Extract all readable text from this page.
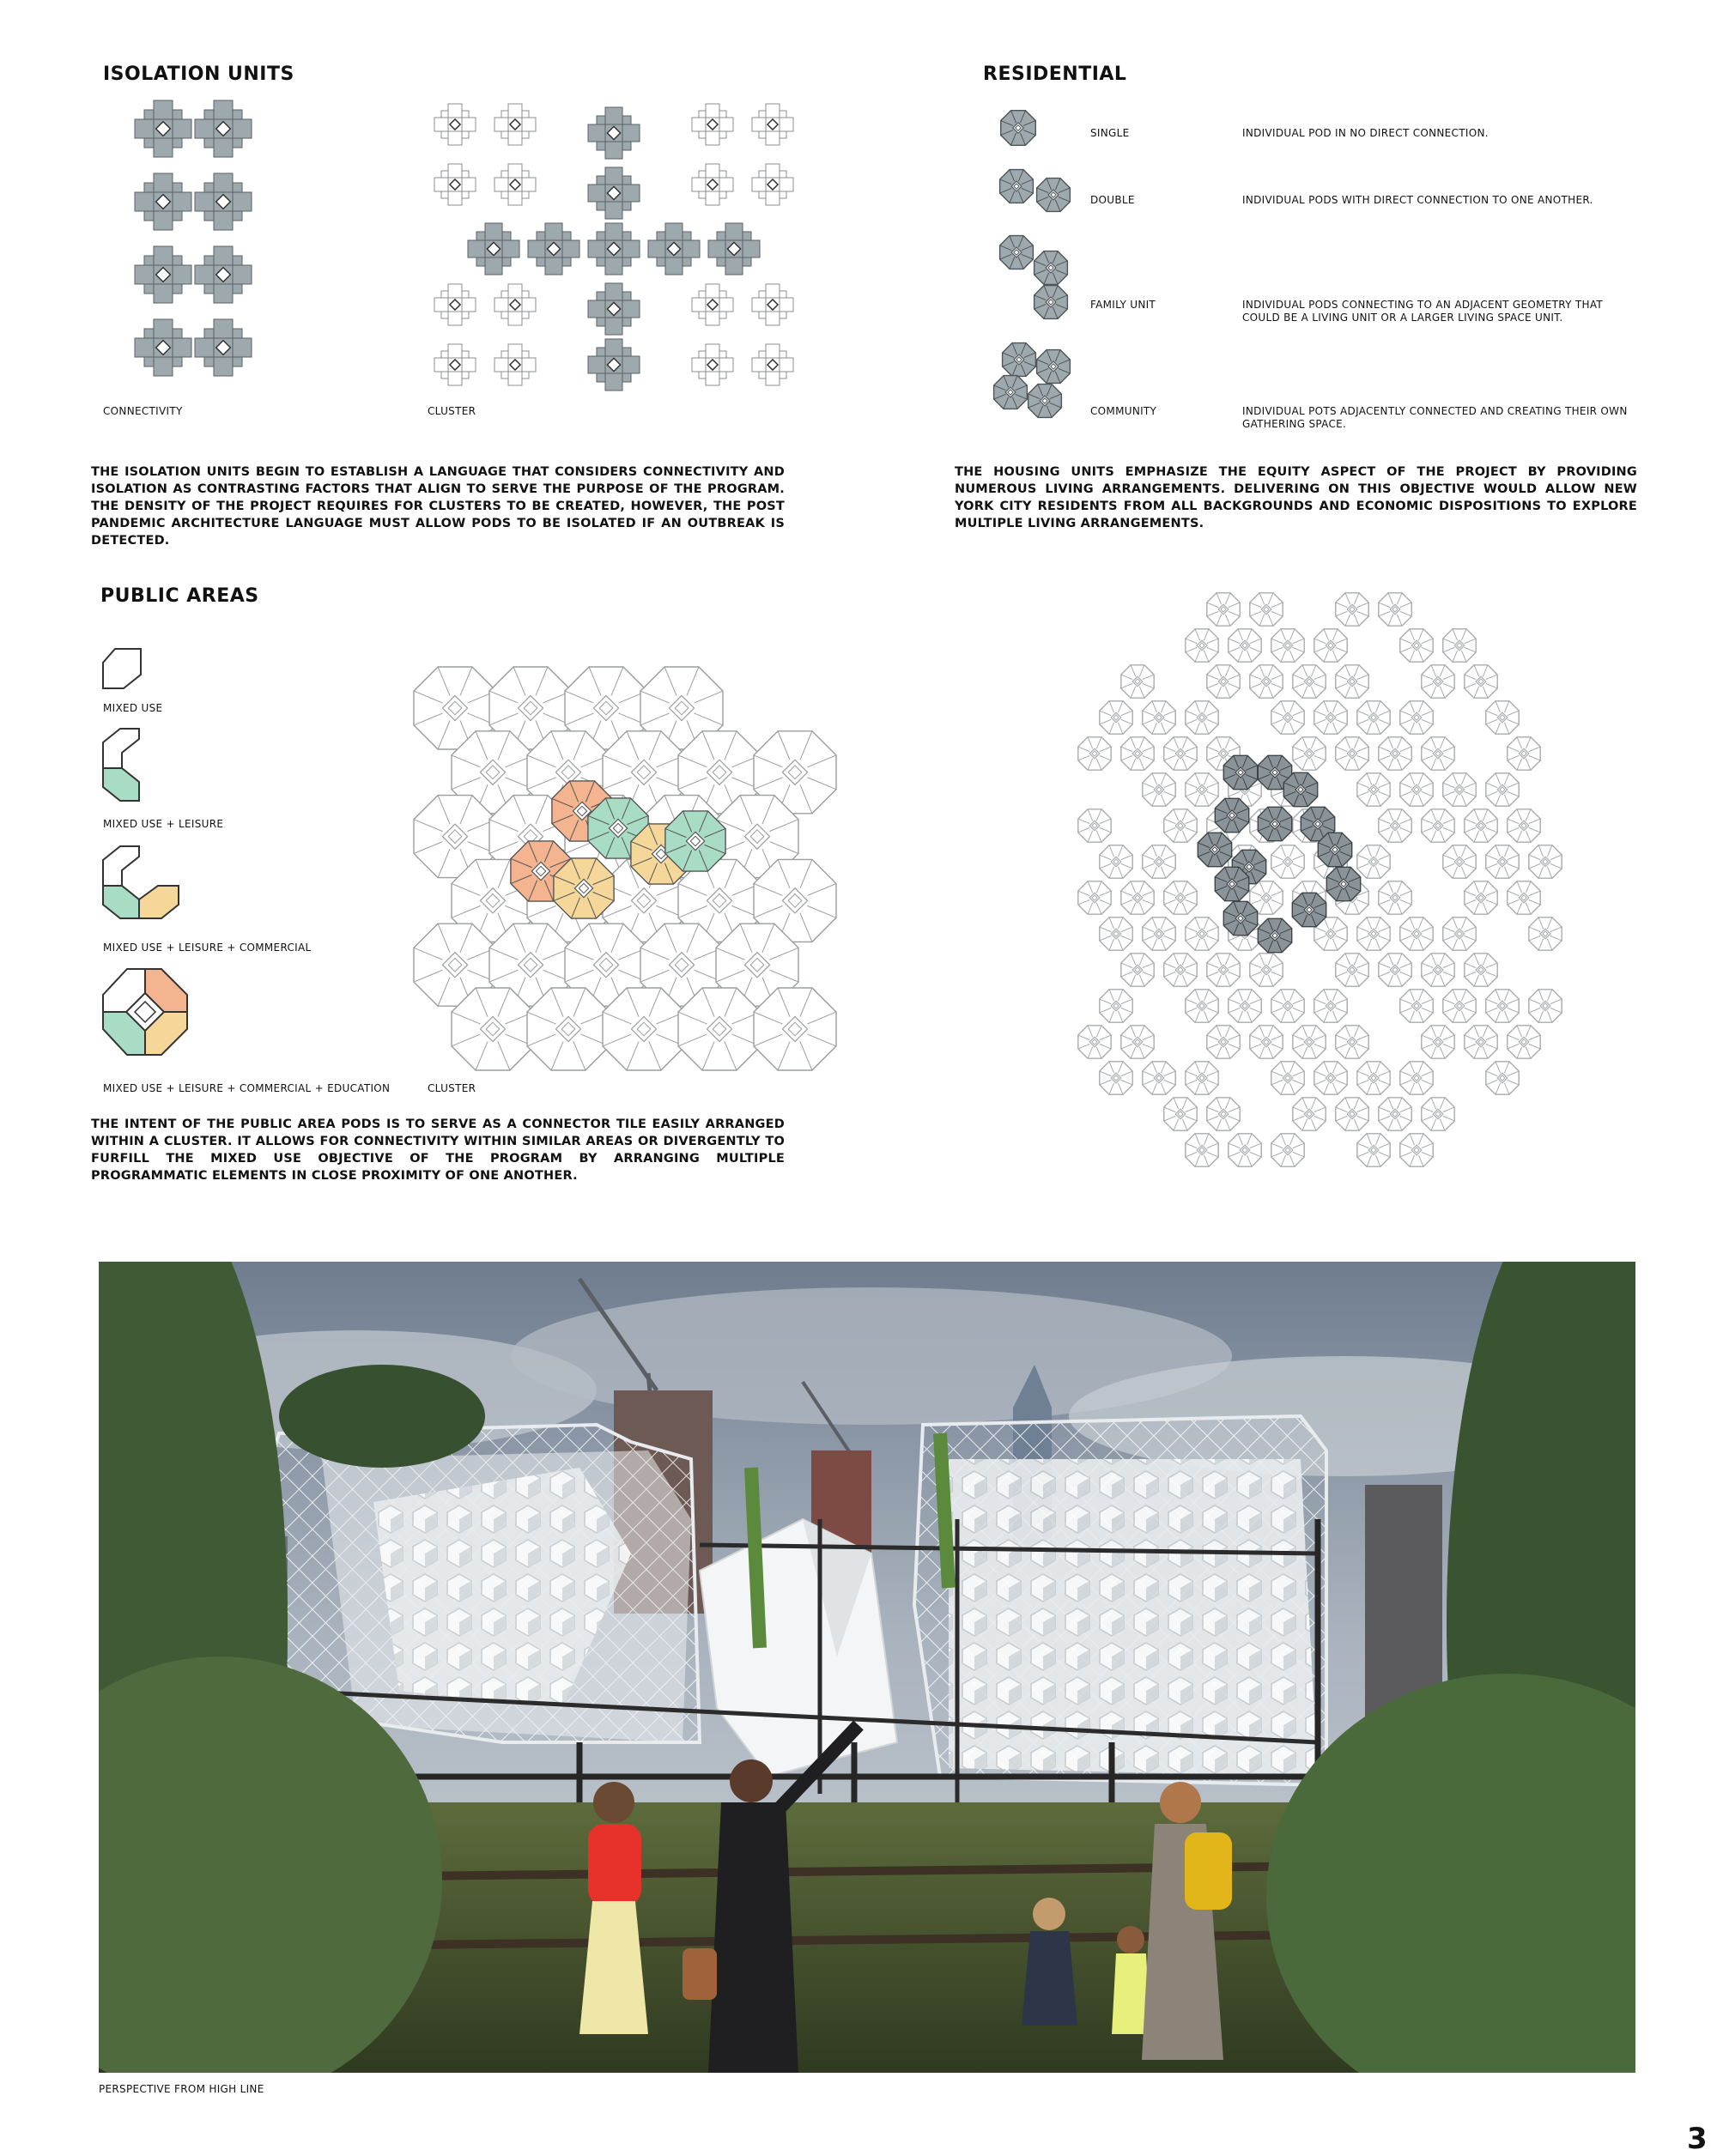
ISOLATION UNITS
CONNECTIVITY	CLUSTER
THE ISOLATION UNITS BEGIN TO ESTABLISH A LANGUAGE THAT CONSIDERS CONNECTIVITY AND ISOLATION AS CONTRASTING FACTORS THAT ALIGN TO SERVE THE PURPOSE OF THE PROGRAM. THE DENSITY OF THE PROJECT REQUIRES FOR CLUSTERS TO BE CREATED, HOWEVER, THE POST PANDEMIC ARCHITECTURE LANGUAGE MUST ALLOW PODS TO BE ISOLATED IF AN OUTBREAK IS DETECTED.
RESIDENTIAL
SINGLE	INDIVIDUAL POD IN NO DIRECT CONNECTION.
DOUBLE	INDIVIDUAL PODS WITH DIRECT CONNECTION TO ONE ANOTHER.
FAMILY UNIT	INDIVIDUAL PODS CONNECTING TO AN ADJACENT GEOMETRY THAT COULD BE A LIVING UNIT OR A LARGER LIVING SPACE UNIT.
COMMUNITY	INDIVIDUAL POTS ADJACENTLY CONNECTED AND CREATING THEIR OWN GATHERING SPACE.
THE HOUSING UNITS EMPHASIZE THE EQUITY ASPECT OF THE PROJECT BY PROVIDING NUMEROUS LIVING ARRANGEMENTS. DELIVERING ON THIS OBJECTIVE WOULD ALLOW NEW YORK CITY RESIDENTS FROM ALL BACKGROUNDS AND ECONOMIC DISPOSITIONS TO EXPLORE MULTIPLE LIVING ARRANGEMENTS.
PUBLIC AREAS
MIXED USE
MIXED USE + LEISURE
MIXED USE + LEISURE + COMMERCIAL
MIXED USE + LEISURE + COMMERCIAL + EDUCATION	CLUSTER
THE INTENT OF THE PUBLIC AREA PODS IS TO SERVE AS A CONNECTOR TILE EASILY ARRANGED WITHIN A CLUSTER. IT ALLOWS FOR CONNECTIVITY WITHIN SIMILAR AREAS OR DIVERGENTLY TO FURFILL THE MIXED USE OBJECTIVE OF THE PROGRAM BY ARRANGING MULTIPLE PROGRAMMATIC ELEMENTS IN CLOSE PROXIMITY OF ONE ANOTHER.
PERSPECTIVE FROM HIGH LINE
3
